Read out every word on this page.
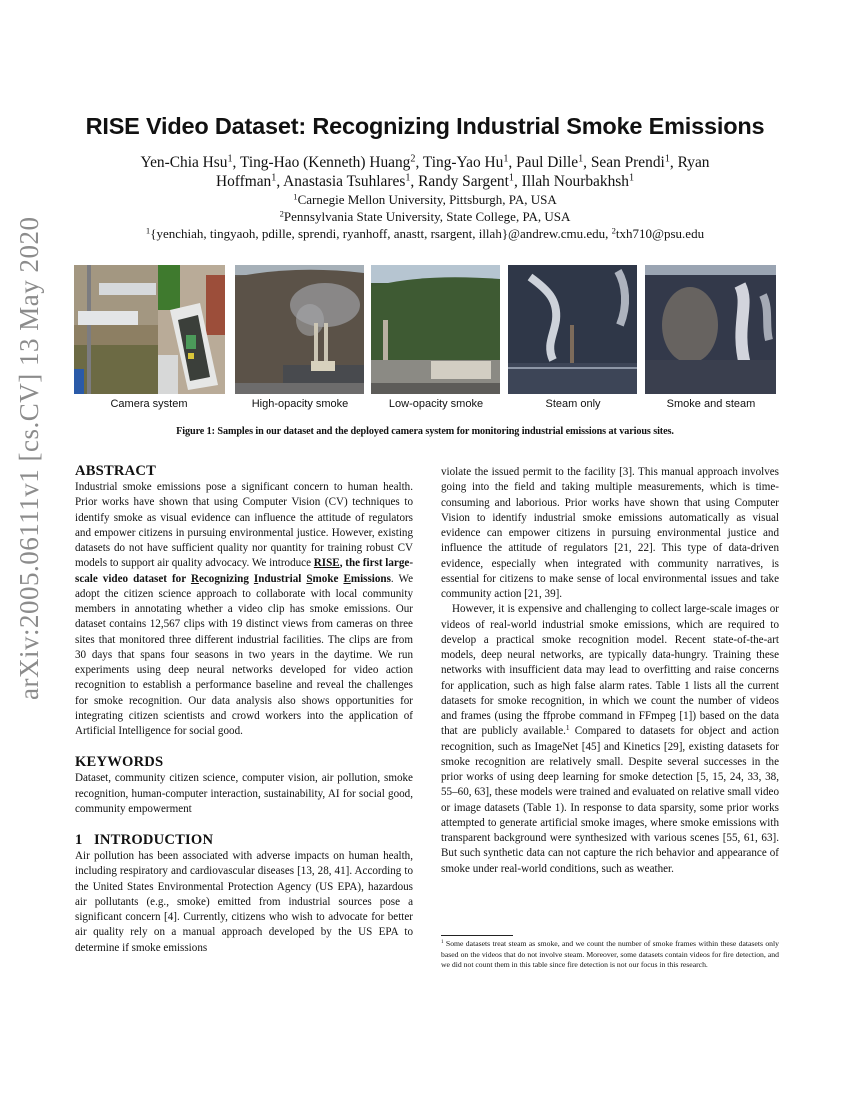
arXiv:2005.06111v1 [cs.CV] 13 May 2020
RISE Video Dataset: Recognizing Industrial Smoke Emissions
Yen-Chia Hsu$^1$, Ting-Hao (Kenneth) Huang$^2$, Ting-Yao Hu$^1$, Paul Dille$^1$, Sean Prendi$^1$, Ryan Hoffman$^1$, Anastasia Tsuhlares$^1$, Randy Sargent$^1$, Illah Nourbakhsh$^1$
$^1$Carnegie Mellon University, Pittsburgh, PA, USA
$^2$Pennsylvania State University, State College, PA, USA
$^1${yenchiah, tingyaoh, pdille, sprendi, ryanhoff, anastt, rsargent, illah}@andrew.cmu.edu, $^2$txh710@psu.edu
Camera system	High-opacity smoke	Low-opacity smoke	Steam only	Smoke and steam
Figure 1: Samples in our dataset and the deployed camera system for monitoring industrial emissions at various sites.
ABSTRACT

Industrial smoke emissions pose a significant concern to human health. Prior works have shown that using Computer Vision (CV) techniques to identify smoke as visual evidence can influence the attitude of regulators and empower citizens in pursuing environmental justice. However, existing datasets do not have sufficient quality nor quantity for training robust CV models to support air quality advocacy. We introduce RISE, the first large-scale video dataset for Recognizing Industrial Smoke Emissions. We adopt the citizen science approach to collaborate with local community members in annotating whether a video clip has smoke emissions. Our dataset contains 12,567 clips with 19 distinct views from cameras on three sites that monitored three different industrial facilities. The clips are from 30 days that spans four seasons in two years in the daytime. We run experiments using deep neural networks developed for video action recognition to establish a performance baseline and reveal the challenges for smoke recognition. Our data analysis also shows opportunities for integrating citizen scientists and crowd workers into the application of Artificial Intelligence for social good.

KEYWORDS

Dataset, community citizen science, computer vision, air pollution, smoke recognition, human-computer interaction, sustainability, AI for social good, community empowerment

1 INTRODUCTION

Air pollution has been associated with adverse impacts on human health, including respiratory and cardiovascular diseases [13, 28, 41]. According to the United States Environmental Protection Agency (US EPA), hazardous air pollutants (e.g., smoke) emitted from industrial sources pose a significant concern [4]. Currently, citizens who wish to advocate for better air quality rely on a manual approach developed by the US EPA to determine if smoke emissions

violate the issued permit to the facility [3]. This manual approach involves going into the field and taking multiple measurements, which is time-consuming and laborious. Prior works have shown that using Computer Vision to identify industrial smoke emissions automatically as visual evidence can empower citizens in pursuing environmental justice and influence the attitude of regulators [21, 22]. This type of data-driven evidence, especially when integrated with community narratives, is essential for citizens to make sense of local environmental issues and take community action [21, 39].

However, it is expensive and challenging to collect large-scale images or videos of real-world industrial smoke emissions, which are required to develop a practical smoke recognition model. Recent state-of-the-art models, deep neural networks, are typically data-hungry. Training these networks with insufficient data may lead to overfitting and raise concerns for application, such as high false alarm rates. Table 1 lists all the current datasets for smoke recognition, in which we count the number of videos and frames (using the ffprobe command in FFmpeg [1]) based on the data that are publicly available.$^1$ Compared to datasets for object and action recognition, such as ImageNet [45] and Kinetics [29], existing datasets for smoke recognition are relatively small. Despite several successes in the prior works of using deep learning for smoke detection [5, 15, 24, 33, 38, 55–60, 63], these models were trained and evaluated on relative small video or image datasets (Table 1). In response to data sparsity, some prior works attempted to generate artificial smoke images, where smoke emissions with transparent background were synthesized with various scenes [55, 61, 63]. But such synthetic data can not capture the rich behavior and appearance of smoke under real-world conditions, such as weather.

$^1$ Some datasets treat steam as smoke, and we count the number of smoke frames within these datasets only based on the videos that do not involve steam. Moreover, some datasets contain videos for fire detection, and we did not count them in this table since fire detection is not our focus in this research.
